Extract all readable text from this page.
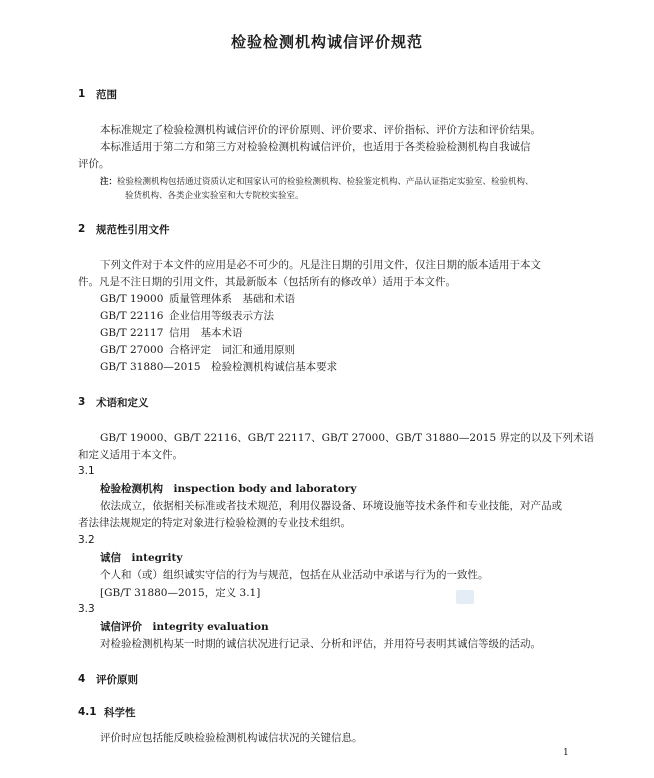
检验检测机构诚信评价规范
1 范围
本标准规定了检验检测机构诚信评价的评价原则、评价要求、评价指标、评价方法和评价结果。
本标准适用于第二方和第三方对检验检测机构诚信评价，也适用于各类检验检测机构自我诚信
评价。
注： 检验检测机构包括通过资质认定和国家认可的检验检测机构、检验鉴定机构、产品认证指定实验室、检验机构、
验货机构、各类企业实验室和大专院校实验室。
2 规范性引用文件
下列文件对于本文件的应用是必不可少的。凡是注日期的引用文件，仅注日期的版本适用于本文
件。凡是不注日期的引用文件，其最新版本（包括所有的修改单）适用于本文件。
GB/T 19000 质量管理体系　基础和术语
GB/T 22116 企业信用等级表示方法
GB/T 22117 信用　基本术语
GB/T 27000 合格评定　词汇和通用原则
GB/T 31880—2015　 检验检测机构诚信基本要求
3 术语和定义
GB/T 19000、GB/T 22116、GB/T 22117、GB/T 27000、GB/T 31880—2015 界定的以及下列术语
和定义适用于本文件。
3.1
检验检测机构　 inspection body and laboratory
依法成立，依据相关标准或者技术规范，利用仪器设备、环境设施等技术条件和专业技能，对产品或
者法律法规规定的特定对象进行检验检测的专业技术组织。
3.2
诚信　 integrity
个人和（或）组织诚实守信的行为与规范，包括在从业活动中承诺与行为的一致性。
[GB/T 31880—2015，定义 3.1]
3.3
诚信评价　 integrity evaluation
对检验检测机构某一时期的诚信状况进行记录、分析和评估，并用符号表明其诚信等级的活动。
4 评价原则
4.1 科学性
评价时应包括能反映检验检测机构诚信状况的关键信息。
1
